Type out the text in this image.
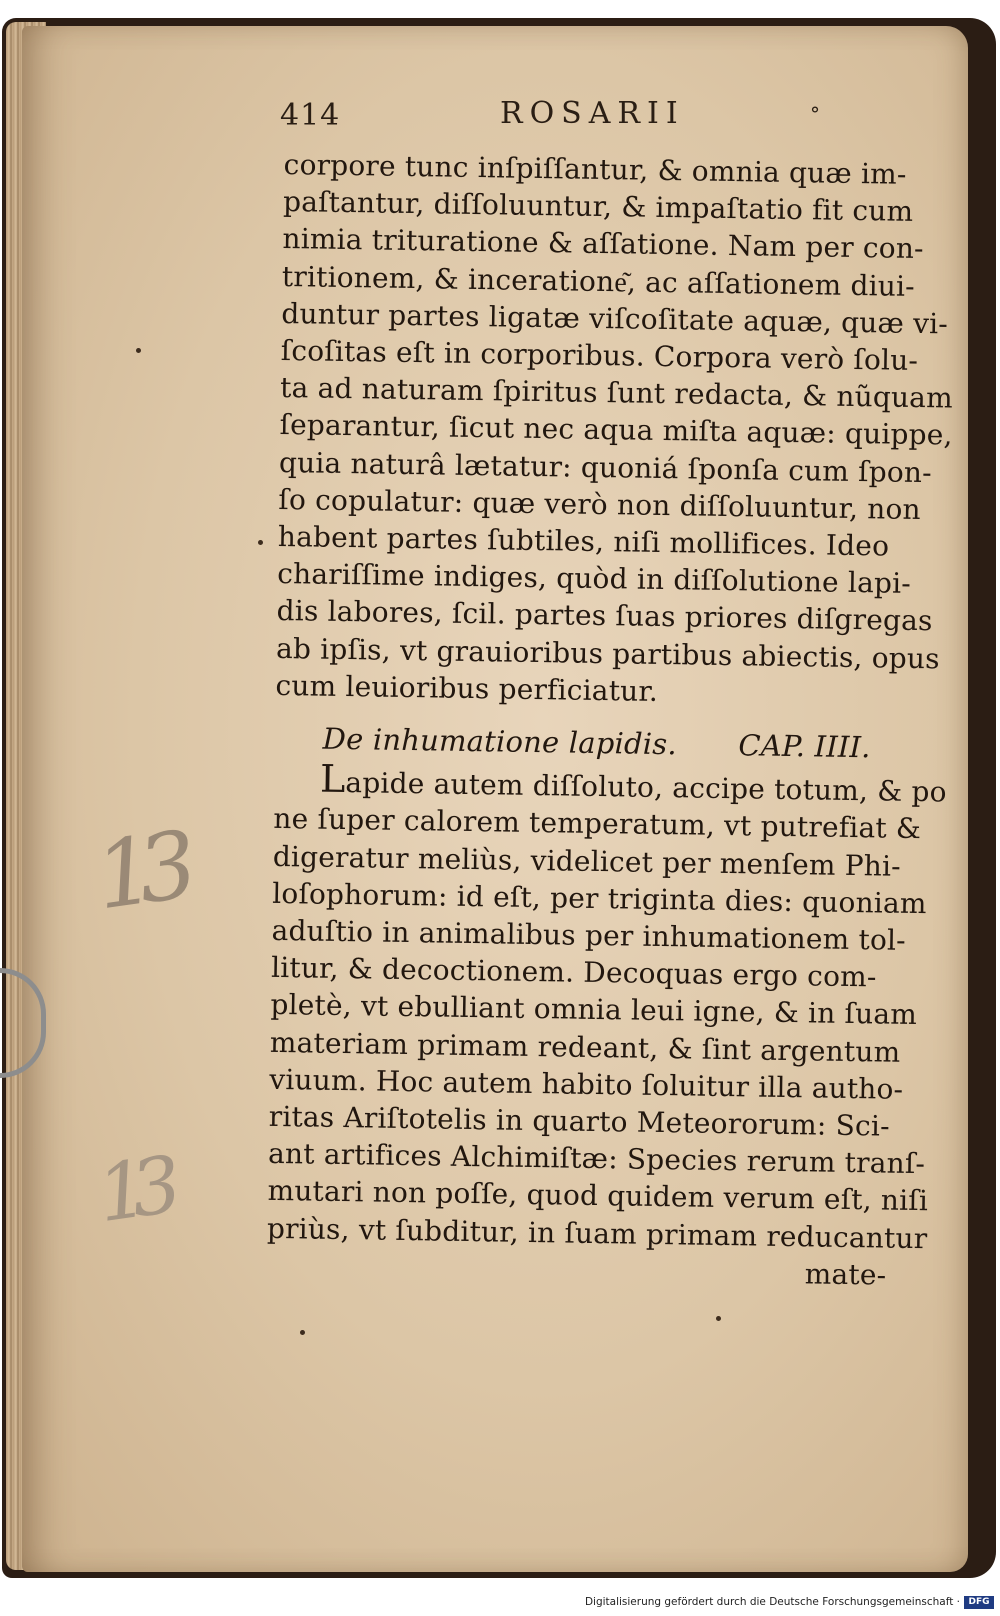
13
13
414	ROSARII	°
corpore tunc inſpiſſantur, & omnia quæ im-
paſtantur, diſſoluuntur, & impaſtatio fit cum
nimia trituratione & aſſatione. Nam per con-
tritionem, & inceratione͂, ac aſſationem diui-
duntur partes ligatæ viſcoſitate aquæ, quæ vi-
ſcoſitas eſt in corporibus. Corpora verò ſolu-
ta ad naturam ſpiritus ſunt redacta, & nũquam
ſeparantur, ſicut nec aqua miſta aquæ: quippe,
quia naturâ lætatur: quoniá ſponſa cum ſpon-
ſo copulatur: quæ verò non diſſoluuntur, non
habent partes ſubtiles, niſi mollifices. Ideo
chariſſime indiges, quòd in diſſolutione lapi-
dis labores, ſcil. partes ſuas priores diſgregas
ab ipſis, vt grauioribus partibus abiectis, opus
cum leuioribus perficiatur.
De inhumatione lapidis. CAP. IIII.
Lapide autem diſſoluto, accipe totum, & po
ne ſuper calorem temperatum, vt putrefiat &
digeratur meliùs, videlicet per menſem Phi-
loſophorum: id eſt, per triginta dies: quoniam
aduſtio in animalibus per inhumationem tol-
litur, & decoctionem. Decoquas ergo com-
pletè, vt ebulliant omnia leui igne, & in ſuam
materiam primam redeant, & ſint argentum
viuum. Hoc autem habito ſoluitur illa autho-
ritas Ariſtotelis in quarto Meteororum: Sci-
ant artifices Alchimiſtæ: Species rerum tranſ-
mutari non poſſe, quod quidem verum eſt, niſi
priùs, vt ſubditur, in ſuam primam reducantur
mate-
Digitalisierung gefördert durch die Deutsche Forschungsgemeinschaft · DFG
